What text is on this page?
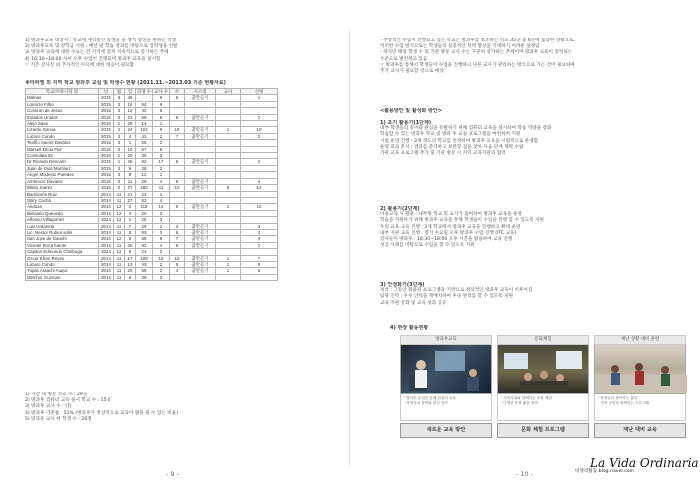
1) 방과후교육 대상자 : 학교에 재학중인 학생들 중 성적 향상을 원하는 학생
2) 방과후교육 및 장학금 지원 : 매년 말 학습 결과를 바탕으로 장학생을 선발
3) 방과후 교육에 대한 수요는 전 지역에 걸쳐 지속적으로 증가하는 추세
4) 16:30~18:00 사이 오후 수업이 진행되며 방과후 교육을 실시함
☞ 기존 강사진 외 추가적인 수요에 대한 대응이 필요함
※라파엘 외 지역 학교 방과후 교실 및 학생수 현황 (2011.11.~2013.03 기준 현황자료)
학교/커뮤니티 명	년	월	일	학생 수	교사 수	수	시스템	교사	신택
Malnas	2015	3	48		6	5	꿈만들기		1
Lorenzo Filho	2015	3	16	54	6				
Corazon de Jesus	2015	3	12	42	5				
Estados Unidos	2015	3	23	69	5	5	꿈만들기		2
Alejo Saes	2015	1	28	14	1				
Lizardo Garcia	2015	2	24	104	9	10	꿈만들기	1	10
Lazaro Condo	2015	3	4	42	2	7	꿈만들기		2
Teofilo Saenz Davalos	2015	3	1	25	2				
Manuel Elicio Flor	2015	3	10	57	5				
Consolata 92	2015	1	20	39	3				
Dr Ricardo Descalzi	2015	1	26	82	17	5	꿈만들기		2
Juan de Dios Martinez	2015	3	9	28	2				
Angel Modesto Paredes	2015	3	8	12	1				
Ambrocio Davalos	2015	3	11	29	4	5	꿈만들기		4
Blnito Juarez	2015	2	27	150	11	10	꿈만들기	8	12
Bartolome Ruiz	2014	11	21	23	1				
Shiry Cacha	2014	11	27	62	4				
Andoas	2014	12	2	118	14	5	꿈만들기	1	10
Belisario Quevedo	2014	12	4	20	2				
Alfonso Villagomez	2014	12	1	25	3				
Luis Urdaneta	2014	11	7	29	2	4	꿈만들기		3
Lic. Nestor Ruben solis	2014	11	5	63	3	5	꿈만들기		2
San Jose de Gaushi	2014	12	5	68	9	7	꿈만들기		4
Vicente Roca fuente	2014	11	25	82	4	5	꿈만들기		2
Capitan Edmundo Chiriboga	2014	12	8	24	2				
Oscar Efren Reyes	2014	11	17	109	10	10	꿈만들기	1	7
Lazaro Condo	2014	11	13	43	2	5	꿈만들기	1	8
Tupac Autachi Auqui	2014	11	20	58	2	4	꿈만들기	1	5
Melchor Guzman	2014	11	6	39	2				
1) 기간 내 방문 학교 수 : 29곳
2) 방과후 컴퓨터 교육 실시 학교 수 : 15곳
3) 방과후 교사 수 : (7)
4) 방과후 기준률 : 51% (방과후가 정상적으로 교육이 활용 될 수 있는 비율)
5) 방과후 교사 한 학생 수 : 26명
- 9 -
- 추상적인 수업이 진행되고 있는 학교는 방과후를 보조하는 학교 35곳 중 6곳에 불과한 상황으로,
이러한 수업 방식으로는 학생들의 실질적인 학력 향상을 기대하기 어려운 실정임
- 하지만 해당 학생 수 및 기관 방문 교사 수는 꾸준히 증가하는 추세이며 방과후 교육이 정착되는
수준으로 발전하고 있음
☞ 방과후를 통해서 학생들이 수업을 진행하고 다른 교사가 관리하는 방식으로 가는 것이 필요하며
추가 교사가 필요할 것으로 예상
<활용방안 및 활성화 방안>
1) 초기 활용기(1단계)
내부 학생들의 흥미와 관심을 유발하기 위해 컴퓨터 교육을 실시하여 학습 역량을 강화
학습할 수 있는 방과후 학교 및 방과 후 교실 프로그램을 마련하여 지원
시범 운영 진행 : 3개 정도의 학교를 선정하여 방과후 교육을 시범적으로 운영함
운영 효과 분석 : 결과를 분석하고 보완할 점을 찾아 다음 단계 계획 수립
기관 교육 프로그램 추가 및 기관 방문 시 지역 교육기관과 협력
2) 활용기(2단계)
이용교육 시 활용 : 내부형 학교 및 교사가 참여하여 방과후 교육을 운영
학습을 지원하기 위해 방과후 교육을 통해 학생들이 수업을 진행 할 수 있도록 지원
우리 교육 교육 진행 : 2개 학교에서 방과후 교육을 진행하고 확대 운영
내부 지원 교육 진행 : 정기 수요일 오후 방과후 수업 진행 (ITC 교육)
강사들이 방과후 : 16:30~18:00 오후 시간을 활용하여 교육 진행
성공 사례를 바탕으로 수업을 할 수 있도록 지원
3) 안정화기(3단계)
정착 : 그동안 활용된 프로그램을 기반으로 정상적인 방과후 교육이 이루어짐
담당 인력 : 우수 인력을 재배치하여 후속 관리를 할 수 있도록 지원
교육 지원 강화 및 교육 성과 공유
4) 현장 활동현황
- 10 -
방과후교육
· 방과후 수업을 통해 컴퓨터 교육
· 학생들의 참여와 관심 증가
새로운 교육 방안
문화체험
· 지역사회와 함께하는 문화 체험
· 다양한 문화 활동 참여
문화 체험 프로그램
재난 상황 대비 훈련
· 학생들이 참여하는 훈련
· 지역 주민과 함께하는 프로그램
재난 대비 교육
La Vida Ordinaria
비영리활동 blog.naver.com
